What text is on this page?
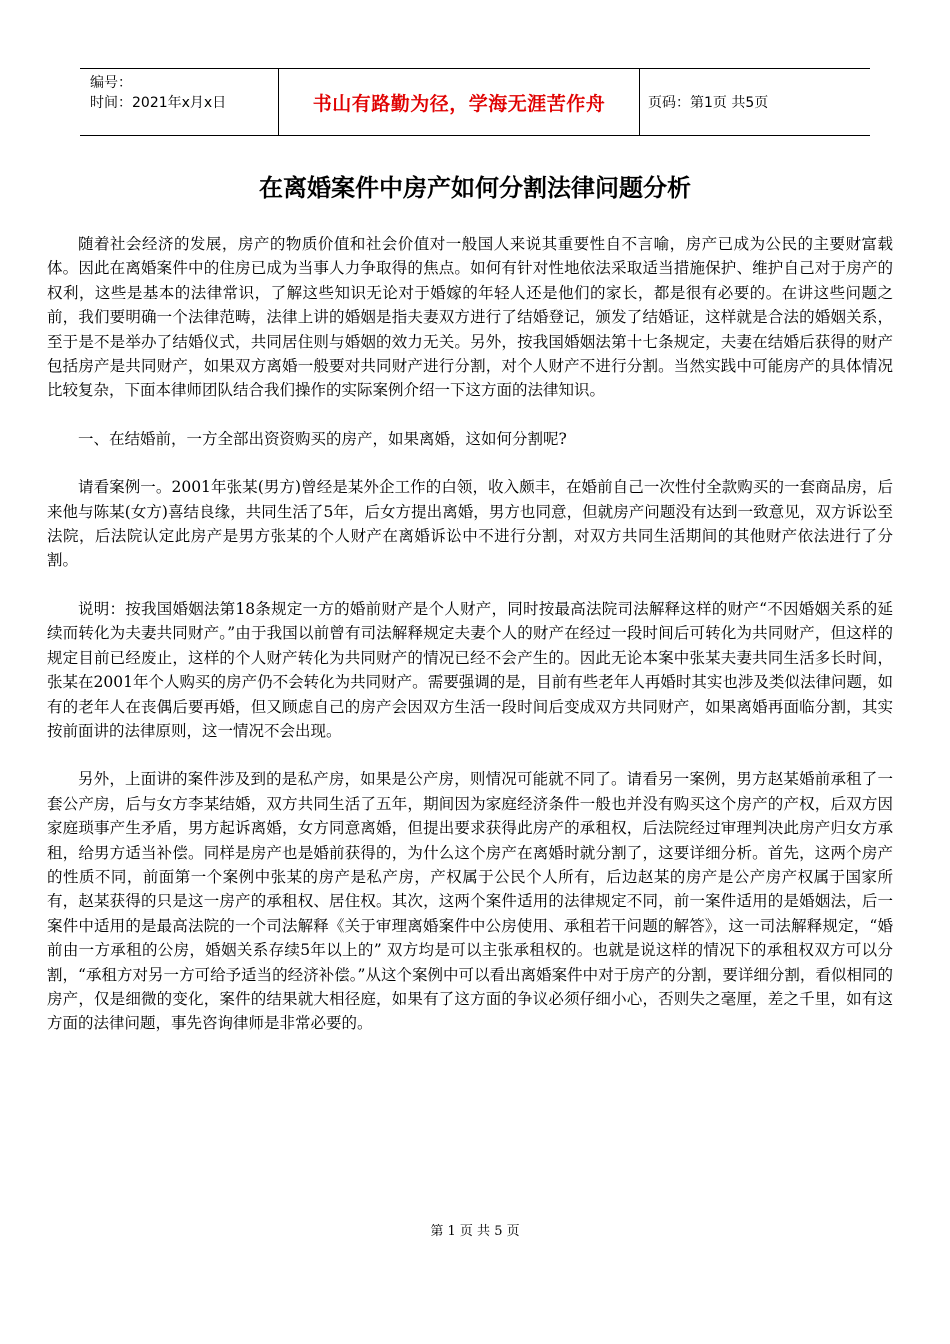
编号：
时间：2021年x月x日	书山有路勤为径，学海无涯苦作舟	页码：第1页 共5页
在离婚案件中房产如何分割法律问题分析

随着社会经济的发展，房产的物质价值和社会价值对一般国人来说其重要性自不言喻，房产已成为公民的主要财富载体。因此在离婚案件中的住房已成为当事人力争取得的焦点。如何有针对性地依法采取适当措施保护、维护自己对于房产的权利，这些是基本的法律常识，了解这些知识无论对于婚嫁的年轻人还是他们的家长，都是很有必要的。在讲这些问题之前，我们要明确一个法律范畴，法律上讲的婚姻是指夫妻双方进行了结婚登记，颁发了结婚证，这样就是合法的婚姻关系，至于是不是举办了结婚仪式，共同居住则与婚姻的效力无关。另外，按我国婚姻法第十七条规定，夫妻在结婚后获得的财产包括房产是共同财产，如果双方离婚一般要对共同财产进行分割，对个人财产不进行分割。当然实践中可能房产的具体情况比较复杂，下面本律师团队结合我们操作的实际案例介绍一下这方面的法律知识。

一、在结婚前，一方全部出资资购买的房产，如果离婚，这如何分割呢?

请看案例一。2001年张某(男方)曾经是某外企工作的白领，收入颇丰，在婚前自己一次性付全款购买的一套商品房，后来他与陈某(女方)喜结良缘，共同生活了5年，后女方提出离婚，男方也同意，但就房产问题没有达到一致意见，双方诉讼至法院，后法院认定此房产是男方张某的个人财产在离婚诉讼中不进行分割，对双方共同生活期间的其他财产依法进行了分割。

说明：按我国婚姻法第18条规定一方的婚前财产是个人财产，同时按最高法院司法解释这样的财产“不因婚姻关系的延续而转化为夫妻共同财产。”由于我国以前曾有司法解释规定夫妻个人的财产在经过一段时间后可转化为共同财产，但这样的规定目前已经废止，这样的个人财产转化为共同财产的情况已经不会产生的。因此无论本案中张某夫妻共同生活多长时间，张某在2001年个人购买的房产仍不会转化为共同财产。需要强调的是，目前有些老年人再婚时其实也涉及类似法律问题，如有的老年人在丧偶后要再婚，但又顾虑自己的房产会因双方生活一段时间后变成双方共同财产，如果离婚再面临分割，其实按前面讲的法律原则，这一情况不会出现。

另外，上面讲的案件涉及到的是私产房，如果是公产房，则情况可能就不同了。请看另一案例，男方赵某婚前承租了一套公产房，后与女方李某结婚，双方共同生活了五年，期间因为家庭经济条件一般也并没有购买这个房产的产权，后双方因家庭琐事产生矛盾，男方起诉离婚，女方同意离婚，但提出要求获得此房产的承租权，后法院经过审理判决此房产归女方承租，给男方适当补偿。同样是房产也是婚前获得的，为什么这个房产在离婚时就分割了，这要详细分析。首先，这两个房产的性质不同，前面第一个案例中张某的房产是私产房，产权属于公民个人所有，后边赵某的房产是公产房产权属于国家所有，赵某获得的只是这一房产的承租权、居住权。其次，这两个案件适用的法律规定不同，前一案件适用的是婚姻法，后一案件中适用的是最高法院的一个司法解释《关于审理离婚案件中公房使用、承租若干问题的解答》，这一司法解释规定，“婚前由一方承租的公房，婚姻关系存续5年以上的” 双方均是可以主张承租权的。也就是说这样的情况下的承租权双方可以分割，“承租方对另一方可给予适当的经济补偿。”从这个案例中可以看出离婚案件中对于房产的分割，要详细分割，看似相同的房产，仅是细微的变化，案件的结果就大相径庭，如果有了这方面的争议必须仔细小心，否则失之毫厘，差之千里，如有这方面的法律问题，事先咨询律师是非常必要的。

第 1 页 共 5 页
